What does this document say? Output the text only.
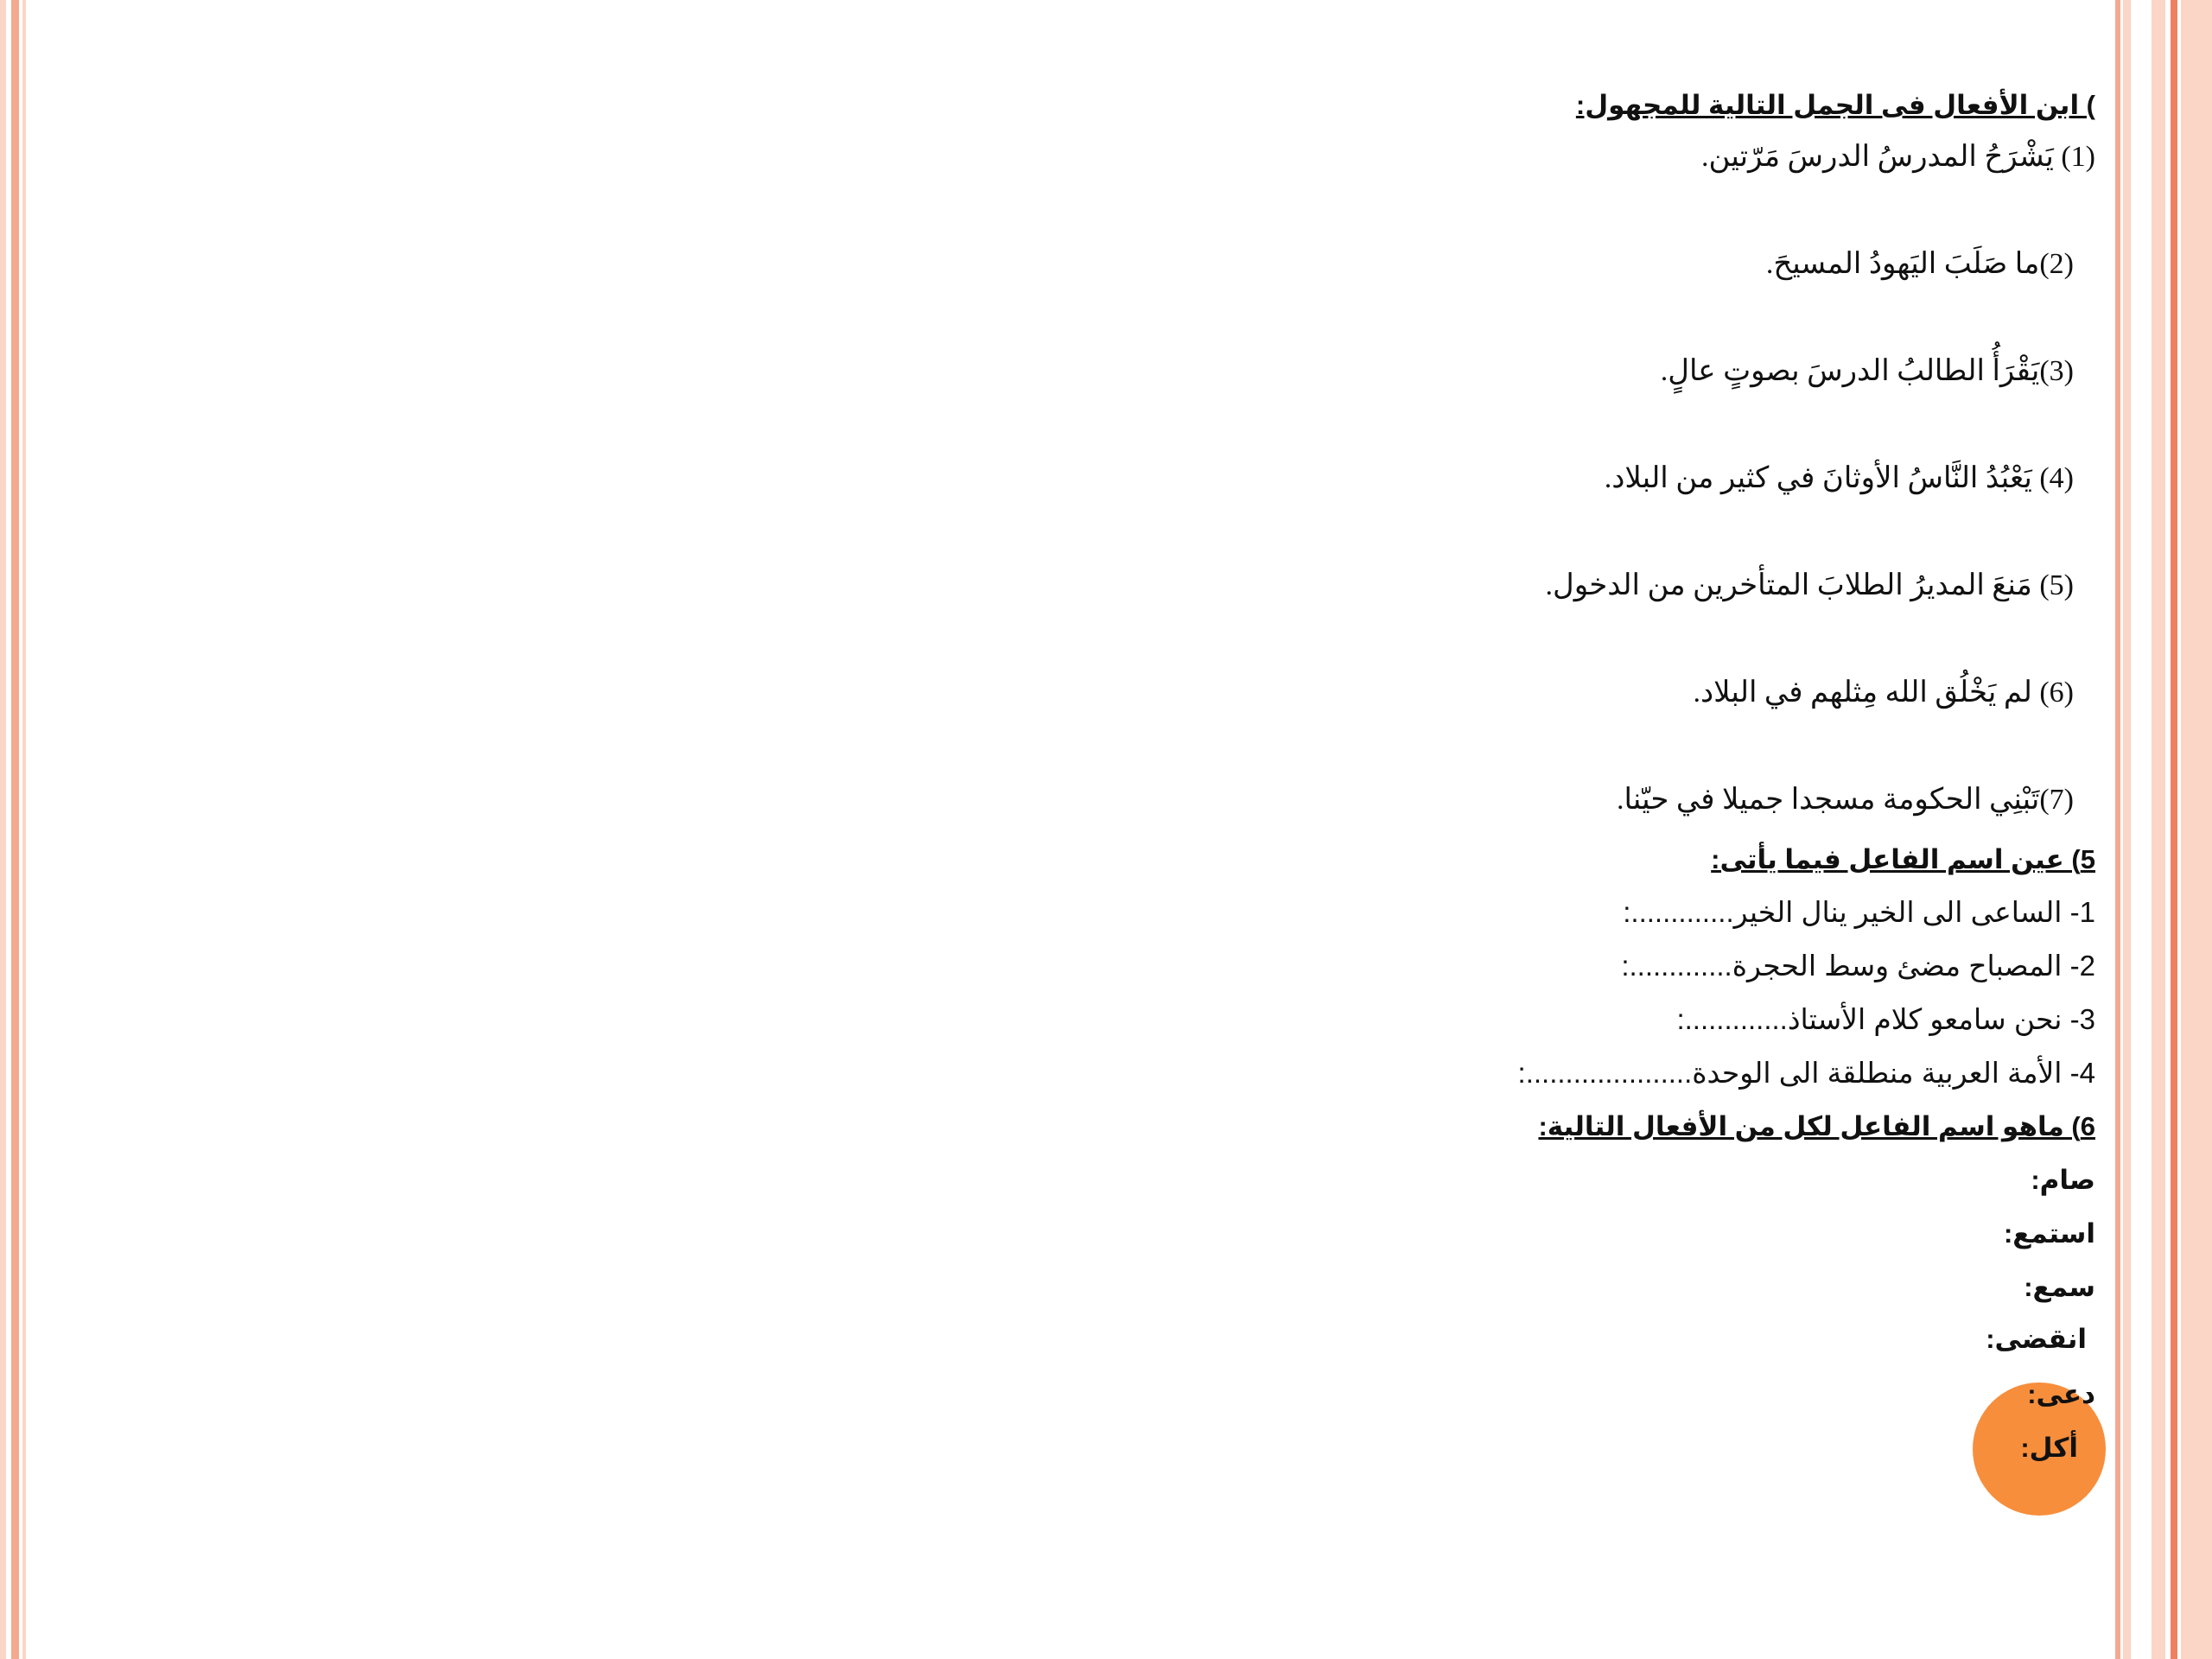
) ابن الأفعال فى الجمل التالية للمجهول:
(1) يَشْرَحُ المدرسُ الدرسَ مَرّتين.
(2)ما صَلَبَ اليَهودُ المسيحَ.
(3)يَقْرَأُ الطالبُ الدرسَ بصوتٍ عالٍ.
(4) يَعْبُدُ النَّاسُ الأوثانَ في كثير من البلاد.
(5) مَنعَ المديرُ الطلابَ المتأخرين من الدخول.
(6) لم يَخْلُق الله مِثلهم في البلاد.
(7)تَبْنِي الحكومة مسجدا جميلا في حيّنا.
5) عين اسم الفاعل فيما يأتى:
1- الساعى الى الخير ينال الخير.............:
2- المصباح مضئ وسط الحجرة.............:
3- نحن سامعو كلام الأستاذ.............:
4- الأمة العربية منطلقة الى الوحدة.....................:
6) ماهو اسم الفاعل لكل من الأفعال التالية:
صام:
استمع:
سمع:
انقضى:
دعى:
أكل:
